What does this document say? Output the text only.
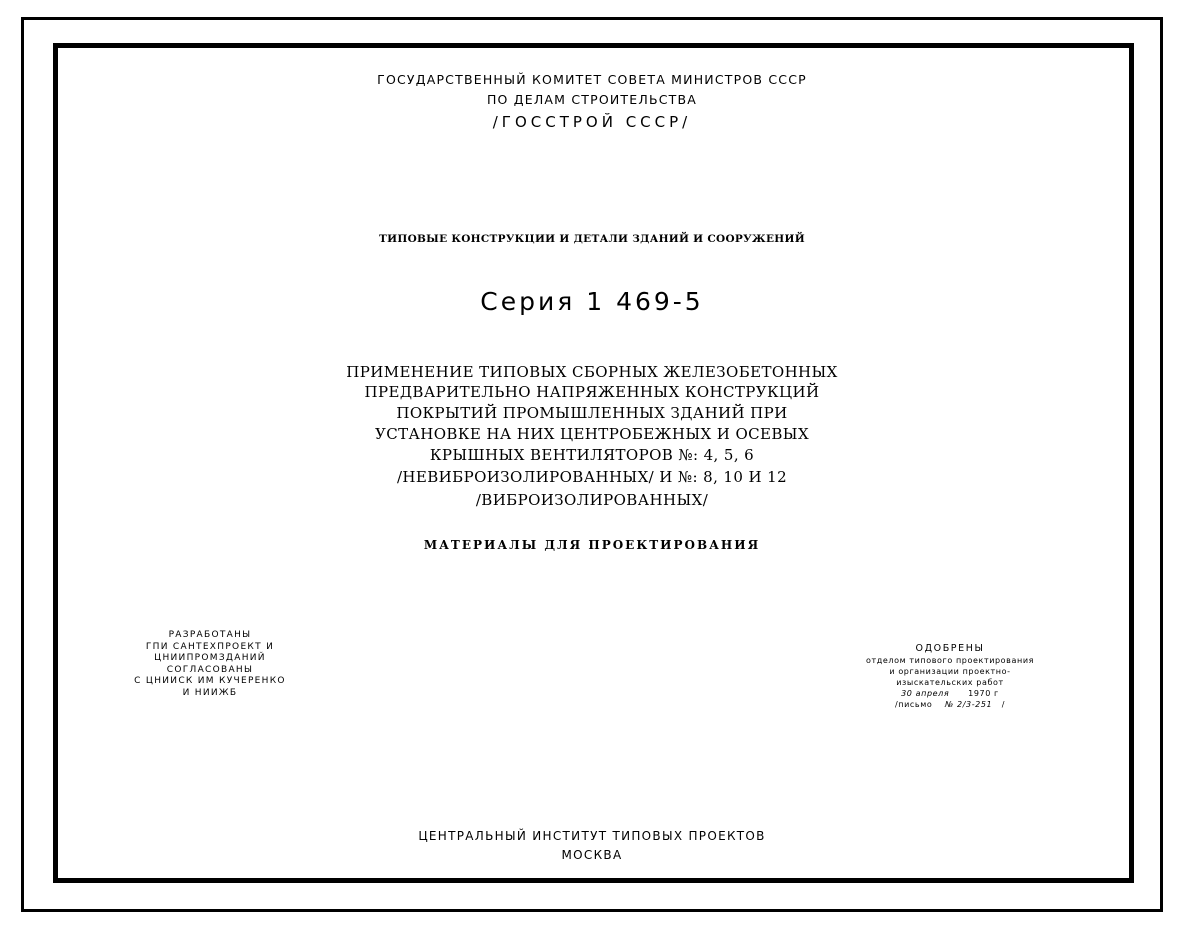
ГОСУДАРСТВЕННЫЙ КОМИТЕТ СОВЕТА МИНИСТРОВ СССР
ПО ДЕЛАМ СТРОИТЕЛЬСТВА
/ГОССТРОЙ СССР/
ТИПОВЫЕ КОНСТРУКЦИИ И ДЕТАЛИ ЗДАНИЙ И СООРУЖЕНИЙ
Серия 1 469-5
ПРИМЕНЕНИЕ ТИПОВЫХ СБОРНЫХ ЖЕЛЕЗОБЕТОННЫХ
ПРЕДВАРИТЕЛЬНО НАПРЯЖЕННЫХ КОНСТРУКЦИЙ
ПОКРЫТИЙ ПРОМЫШЛЕННЫХ ЗДАНИЙ ПРИ
УСТАНОВКЕ НА НИХ ЦЕНТРОБЕЖНЫХ И ОСЕВЫХ
КРЫШНЫХ ВЕНТИЛЯТОРОВ №: 4, 5, 6
/НЕВИБРОИЗОЛИРОВАННЫХ/ И №: 8, 10 И 12
/ВИБРОИЗОЛИРОВАННЫХ/
МАТЕРИАЛЫ ДЛЯ ПРОЕКТИРОВАНИЯ
РАЗРАБОТАНЫ
ГПИ САНТЕХПРОЕКТ И
ЦНИИПРОМЗДАНИЙ
СОГЛАСОВАНЫ
С ЦНИИСК ИМ КУЧЕРЕНКО
И НИИЖБ
ОДОБРЕНЫ
отделом типового проектирования
и организации проектно-
изыскательских работ
30 апреля 1970 г
/письмо № 2/3-251 /
ЦЕНТРАЛЬНЫЙ ИНСТИТУТ ТИПОВЫХ ПРОЕКТОВ
МОСКВА
